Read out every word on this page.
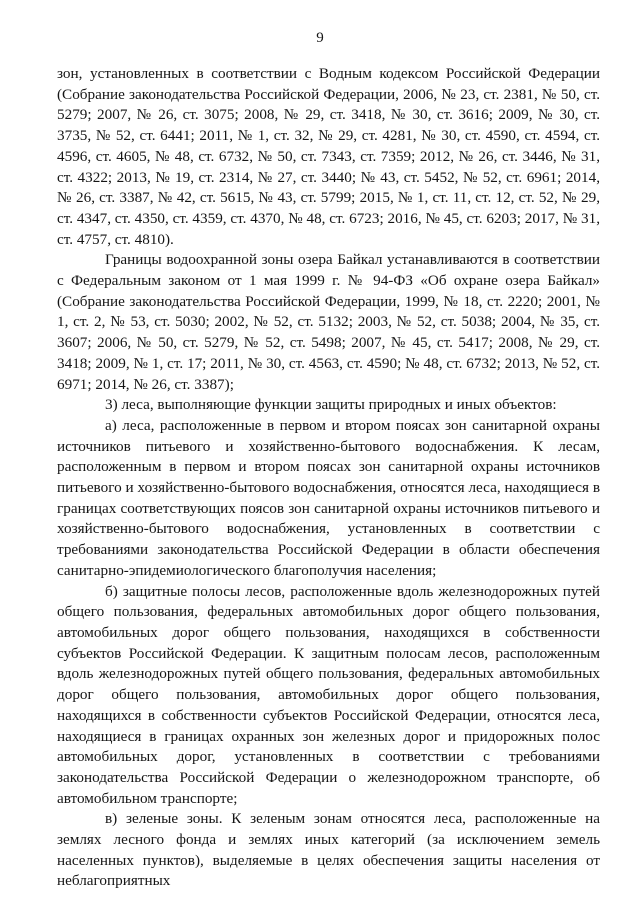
9

зон, установленных в соответствии с Водным кодексом Российской Федерации (Собрание законодательства Российской Федерации, 2006, № 23, ст. 2381, № 50, ст. 5279; 2007, № 26, ст. 3075; 2008, № 29, ст. 3418, № 30, ст. 3616; 2009, № 30, ст. 3735, № 52, ст. 6441; 2011, № 1, ст. 32, № 29, ст. 4281, № 30, ст. 4590, ст. 4594, ст. 4596, ст. 4605, № 48, ст. 6732, № 50, ст. 7343, ст. 7359; 2012, № 26, ст. 3446, № 31, ст. 4322; 2013, № 19, ст. 2314, № 27, ст. 3440; № 43, ст. 5452, № 52, ст. 6961; 2014, № 26, ст. 3387, № 42, ст. 5615, № 43, ст. 5799; 2015, № 1, ст. 11, ст. 12, ст. 52, № 29, ст. 4347, ст. 4350, ст. 4359, ст. 4370, № 48, ст. 6723; 2016, № 45, ст. 6203; 2017, № 31, ст. 4757, ст. 4810).

Границы водоохранной зоны озера Байкал устанавливаются в соответствии с Федеральным законом от 1 мая 1999 г. № 94-ФЗ «Об охране озера Байкал» (Собрание законодательства Российской Федерации, 1999, № 18, ст. 2220; 2001, № 1, ст. 2, № 53, ст. 5030; 2002, № 52, ст. 5132; 2003, № 52, ст. 5038; 2004, № 35, ст. 3607; 2006, № 50, ст. 5279, № 52, ст. 5498; 2007, № 45, ст. 5417; 2008, № 29, ст. 3418; 2009, № 1, ст. 17; 2011, № 30, ст. 4563, ст. 4590; № 48, ст. 6732; 2013, № 52, ст. 6971; 2014, № 26, ст. 3387);

3) леса, выполняющие функции защиты природных и иных объектов:

а) леса, расположенные в первом и втором поясах зон санитарной охраны источников питьевого и хозяйственно-бытового водоснабжения. К лесам, расположенным в первом и втором поясах зон санитарной охраны источников питьевого и хозяйственно-бытового водоснабжения, относятся леса, находящиеся в границах соответствующих поясов зон санитарной охраны источников питьевого и хозяйственно-бытового водоснабжения, установленных в соответствии с требованиями законодательства Российской Федерации в области обеспечения санитарно-эпидемиологического благополучия населения;

б) защитные полосы лесов, расположенные вдоль железнодорожных путей общего пользования, федеральных автомобильных дорог общего пользования, автомобильных дорог общего пользования, находящихся в собственности субъектов Российской Федерации. К защитным полосам лесов, расположенным вдоль железнодорожных путей общего пользования, федеральных автомобильных дорог общего пользования, автомобильных дорог общего пользования, находящихся в собственности субъектов Российской Федерации, относятся леса, находящиеся в границах охранных зон железных дорог и придорожных полос автомобильных дорог, установленных в соответствии с требованиями законодательства Российской Федерации о железнодорожном транспорте, об автомобильном транспорте;

в) зеленые зоны. К зеленым зонам относятся леса, расположенные на землях лесного фонда и землях иных категорий (за исключением земель населенных пунктов), выделяемые в целях обеспечения защиты населения от неблагоприятных
